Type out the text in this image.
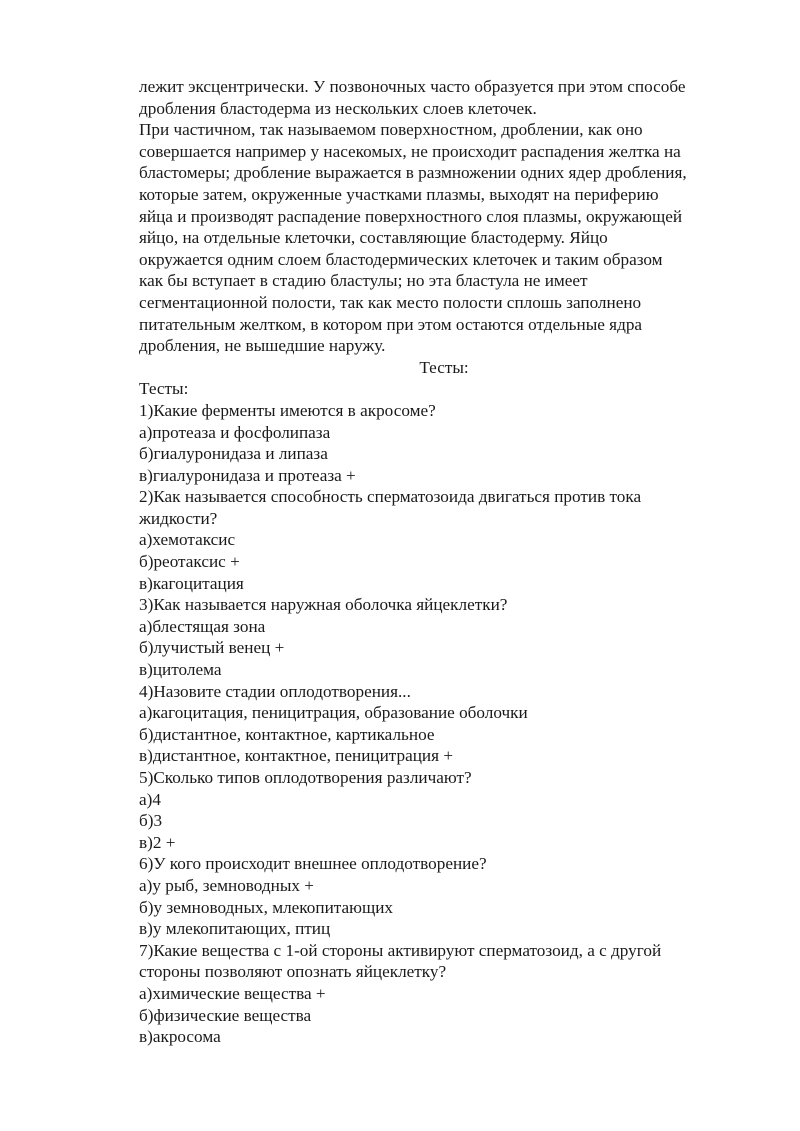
лежит эксцентрически. У позвоночных часто образуется при этом способе
дробления бластодерма из нескольких слоев клеточек.
При частичном, так называемом поверхностном, дроблении, как оно
совершается например у насекомых, не происходит распадения желтка на
бластомеры; дробление выражается в размножении одних ядер дробления,
которые затем, окруженные участками плазмы, выходят на периферию
яйца и производят распадение поверхностного слоя плазмы, окружающей
яйцо, на отдельные клеточки, составляющие бластодерму. Яйцо
окружается одним слоем бластодермических клеточек и таким образом
как бы вступает в стадию бластулы; но эта бластула не имеет
сегментационной полости, так как место полости сплошь заполнено
питательным желтком, в котором при этом остаются отдельные ядра
дробления, не вышедшие наружу.
Тесты:
Тесты:
1)Какие ферменты имеются в акросоме?
а)протеаза и фосфолипаза
б)гиалуронидаза и липаза
в)гиалуронидаза и протеаза +
2)Как называется способность сперматозоида двигаться против тока
жидкости?
а)хемотаксис
б)реотаксис +
в)кагоцитация
3)Как называется наружная оболочка яйцеклетки?
а)блестящая зона
б)лучистый венец +
в)цитолема
4)Назовите стадии оплодотворения...
а)кагоцитация, пеницитрация, образование оболочки
б)дистантное, контактное, картикальное
в)дистантное, контактное, пеницитрация +
5)Сколько типов оплодотворения различают?
а)4
б)3
в)2 +
6)У кого происходит внешнее оплодотворение?
а)у рыб, земноводных +
б)у земноводных, млекопитающих
в)у млекопитающих, птиц
7)Какие вещества с 1-ой стороны активируют сперматозоид, а с другой
стороны позволяют опознать яйцеклетку?
а)химические вещества +
б)физические вещества
в)акросома
